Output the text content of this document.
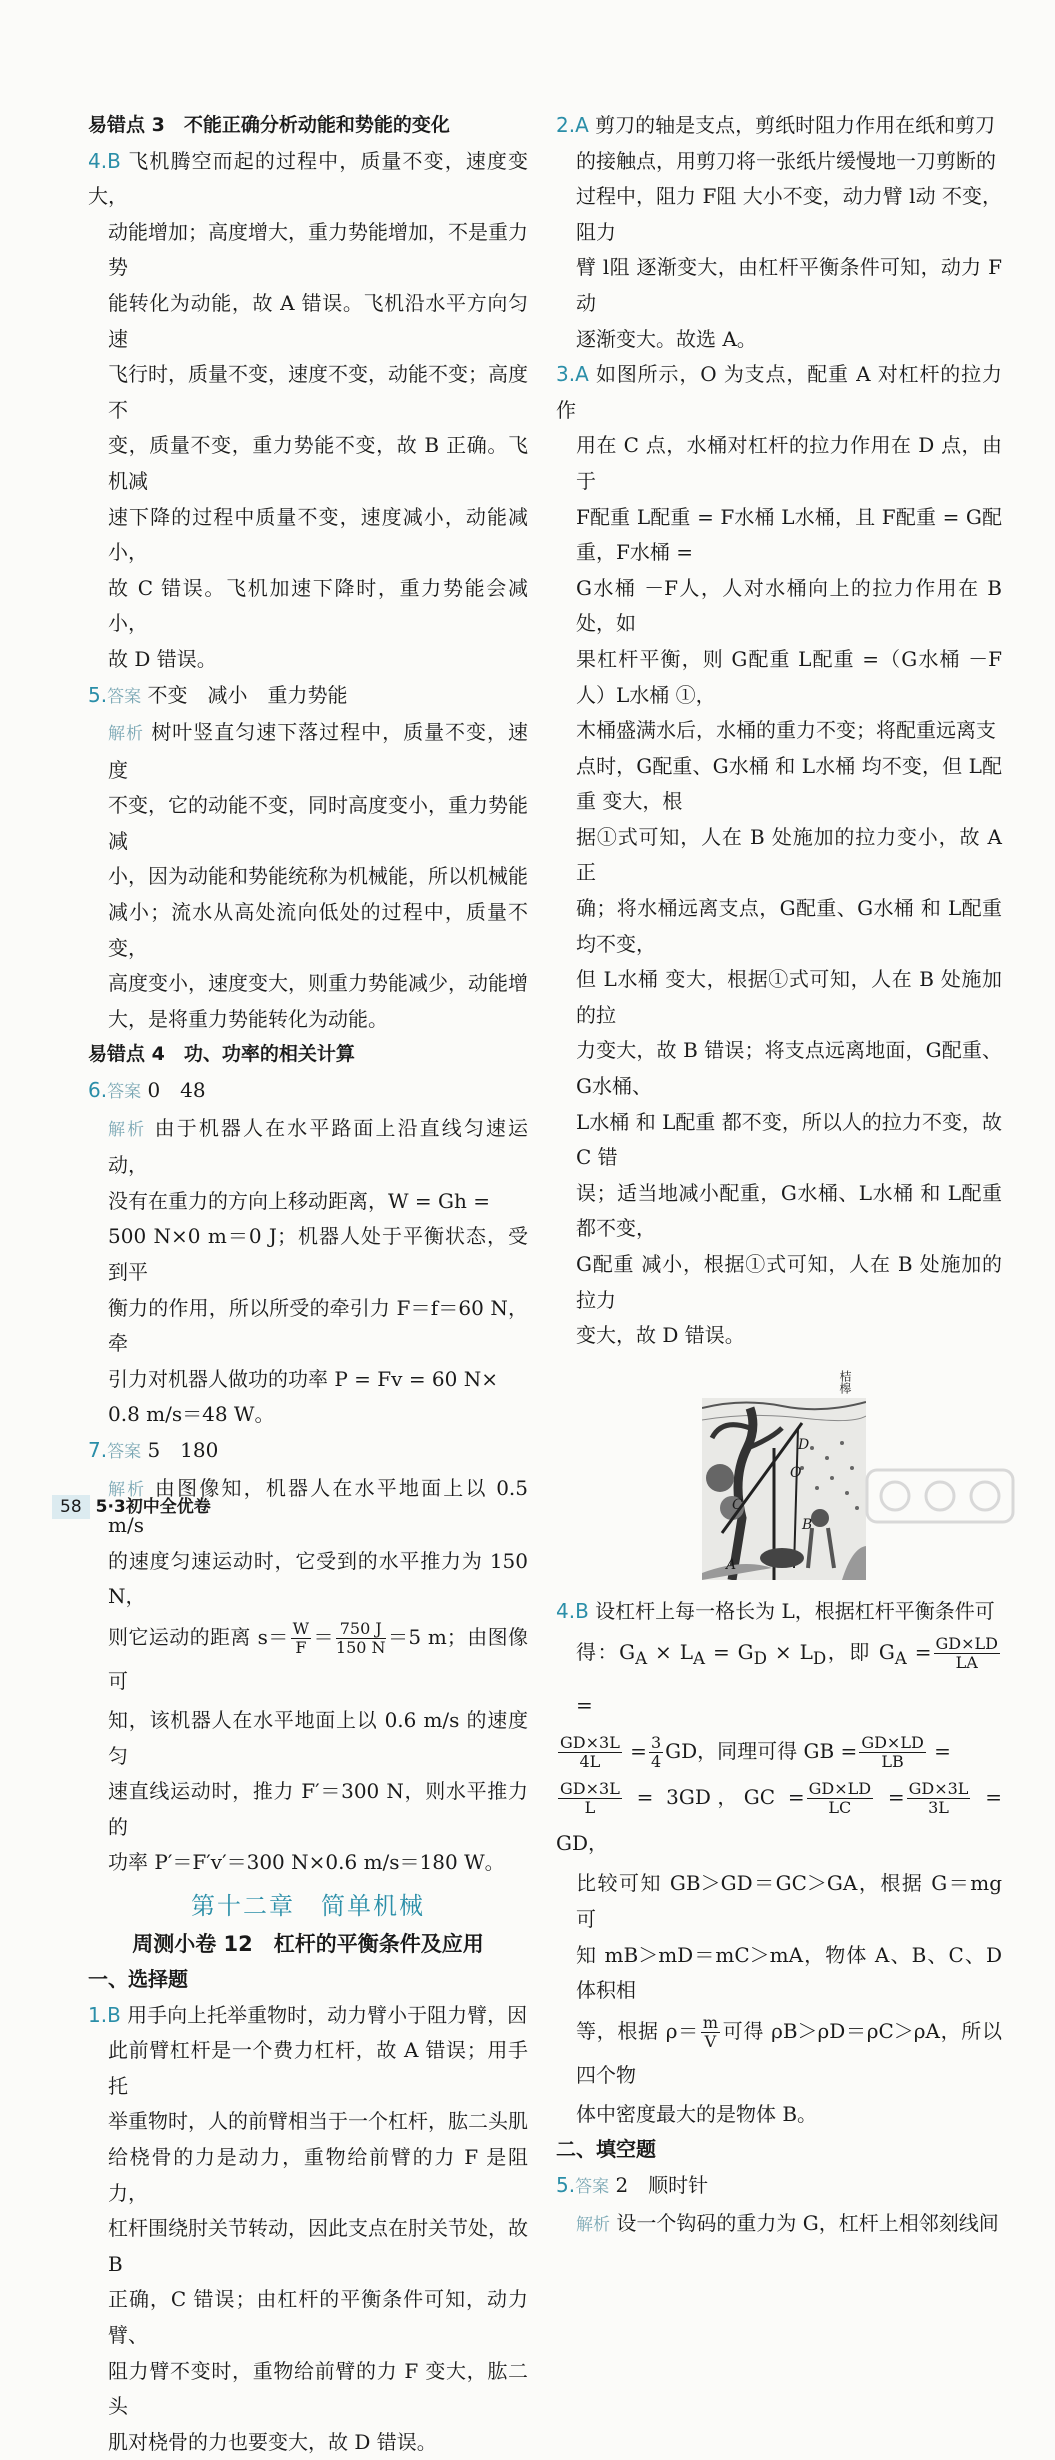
易错点 3　不能正确分析动能和势能的变化

4.B 飞机腾空而起的过程中，质量不变，速度变大，

动能增加；高度增大，重力势能增加，不是重力势

能转化为动能，故 A 错误。飞机沿水平方向匀速

飞行时，质量不变，速度不变，动能不变；高度不

变，质量不变，重力势能不变，故 B 正确。飞机减

速下降的过程中质量不变，速度减小，动能减小，

故 C 错误。飞机加速下降时，重力势能会减小，

故 D 错误。

5.答案 不变　减小　重力势能

解析 树叶竖直匀速下落过程中，质量不变，速度

不变，它的动能不变，同时高度变小，重力势能减

小，因为动能和势能统称为机械能，所以机械能

减小；流水从高处流向低处的过程中，质量不变，

高度变小，速度变大，则重力势能减少，动能增

大，是将重力势能转化为动能。

易错点 4　功、功率的相关计算

6.答案 0　48

解析 由于机器人在水平路面上沿直线匀速运动，

没有在重力的方向上移动距离，W = Gh =

500 N×0 m＝0 J；机器人处于平衡状态，受到平

衡力的作用，所以所受的牵引力 F＝f＝60 N，牵

引力对机器人做功的功率 P = Fv = 60 N×

0.8 m/s＝48 W。

7.答案 5　180

解析 由图像知，机器人在水平地面上以 0.5 m/s

的速度匀速运动时，它受到的水平推力为 150 N，

则它运动的距离 $s= \frac{W}{F} = \frac{750 J}{150 N} =5$ m；由图像可

知，该机器人在水平地面上以 0.6 m/s 的速度匀

速直线运动时，推力 F′＝300 N，则水平推力的

功率 P′＝F′v′＝300 N×0.6 m/s＝180 W。

第十二章　简单机械

周测小卷 12　杠杆的平衡条件及应用

一、选择题

1.B 用手向上托举重物时，动力臂小于阻力臂，因

此前臂杠杆是一个费力杠杆，故 A 错误；用手托

举重物时，人的前臂相当于一个杠杆，肱二头肌

给桡骨的力是动力，重物给前臂的力 F 是阻力，

杠杆围绕肘关节转动，因此支点在肘关节处，故 B

正确，C 错误；由杠杆的平衡条件可知，动力臂、

阻力臂不变时，重物给前臂的力 F 变大，肱二头

肌对桡骨的力也要变大，故 D 错误。

2.A 剪刀的轴是支点，剪纸时阻力作用在纸和剪刀

的接触点，用剪刀将一张纸片缓慢地一刀剪断的

过程中，阻力 F阻 大小不变，动力臂 l动 不变，阻力

臂 l阻 逐渐变大，由杠杆平衡条件可知，动力 F动

逐渐变大。故选 A。

3.A 如图所示，O 为支点，配重 A 对杠杆的拉力作

用在 C 点，水桶对杠杆的拉力作用在 D 点，由于

F配重 L配重 = F水桶 L水桶，且 F配重 = G配重，F水桶 =

G水桶 －F人，人对水桶向上的拉力作用在 B 处，如

果杠杆平衡，则 G配重 L配重 =（G水桶 －F人）L水桶 ①，

木桶盛满水后，水桶的重力不变；将配重远离支

点时，G配重、G水桶 和 L水桶 均不变，但 L配重 变大，根

据①式可知，人在 B 处施加的拉力变小，故 A 正

确；将水桶远离支点，G配重、G水桶 和 L配重 均不变，

但 L水桶 变大，根据①式可知，人在 B 处施加的拉

力变大，故 B 错误；将支点远离地面，G配重、G水桶、

L水桶 和 L配重 都不变，所以人的拉力不变，故 C 错

误；适当地减小配重，G水桶、L水桶 和 L配重 都不变，

G配重 减小，根据①式可知，人在 B 处施加的拉力

变大，故 D 错误。

桔槔
D
O
C
B
A

4.B 设杠杆上每一格长为 L，根据杠杆平衡条件可

得：$G_A \times L_A = G_D \times L_D$，即 $G_A = \frac{GD\times LD}{LA}$
=

$\frac{GD\times 3L}{4L} = \frac{3}{4}$ GD，同理可得 GB = $\frac{GD\times LD}{LB}$ =

$\frac{GD\times 3L}{L} = 3GD$，GC = $\frac{GD\times LD}{LC} = \frac{GD\times 3L}{3L}$ = GD，

比较可知 GB＞GD＝GC＞GA，根据 G＝mg 可

知 mB＞mD＝mC＞mA，物体 A、B、C、D 体积相

等，根据 $\rho= \frac{m}{V}$ 可得 ρB＞ρD＝ρC＞ρA，所以四个物

体中密度最大的是物体 B。

二、填空题

5.答案 2　顺时针

解析 设一个钩码的重力为 G，杠杆上相邻刻线间

58 5·3初中全优卷
